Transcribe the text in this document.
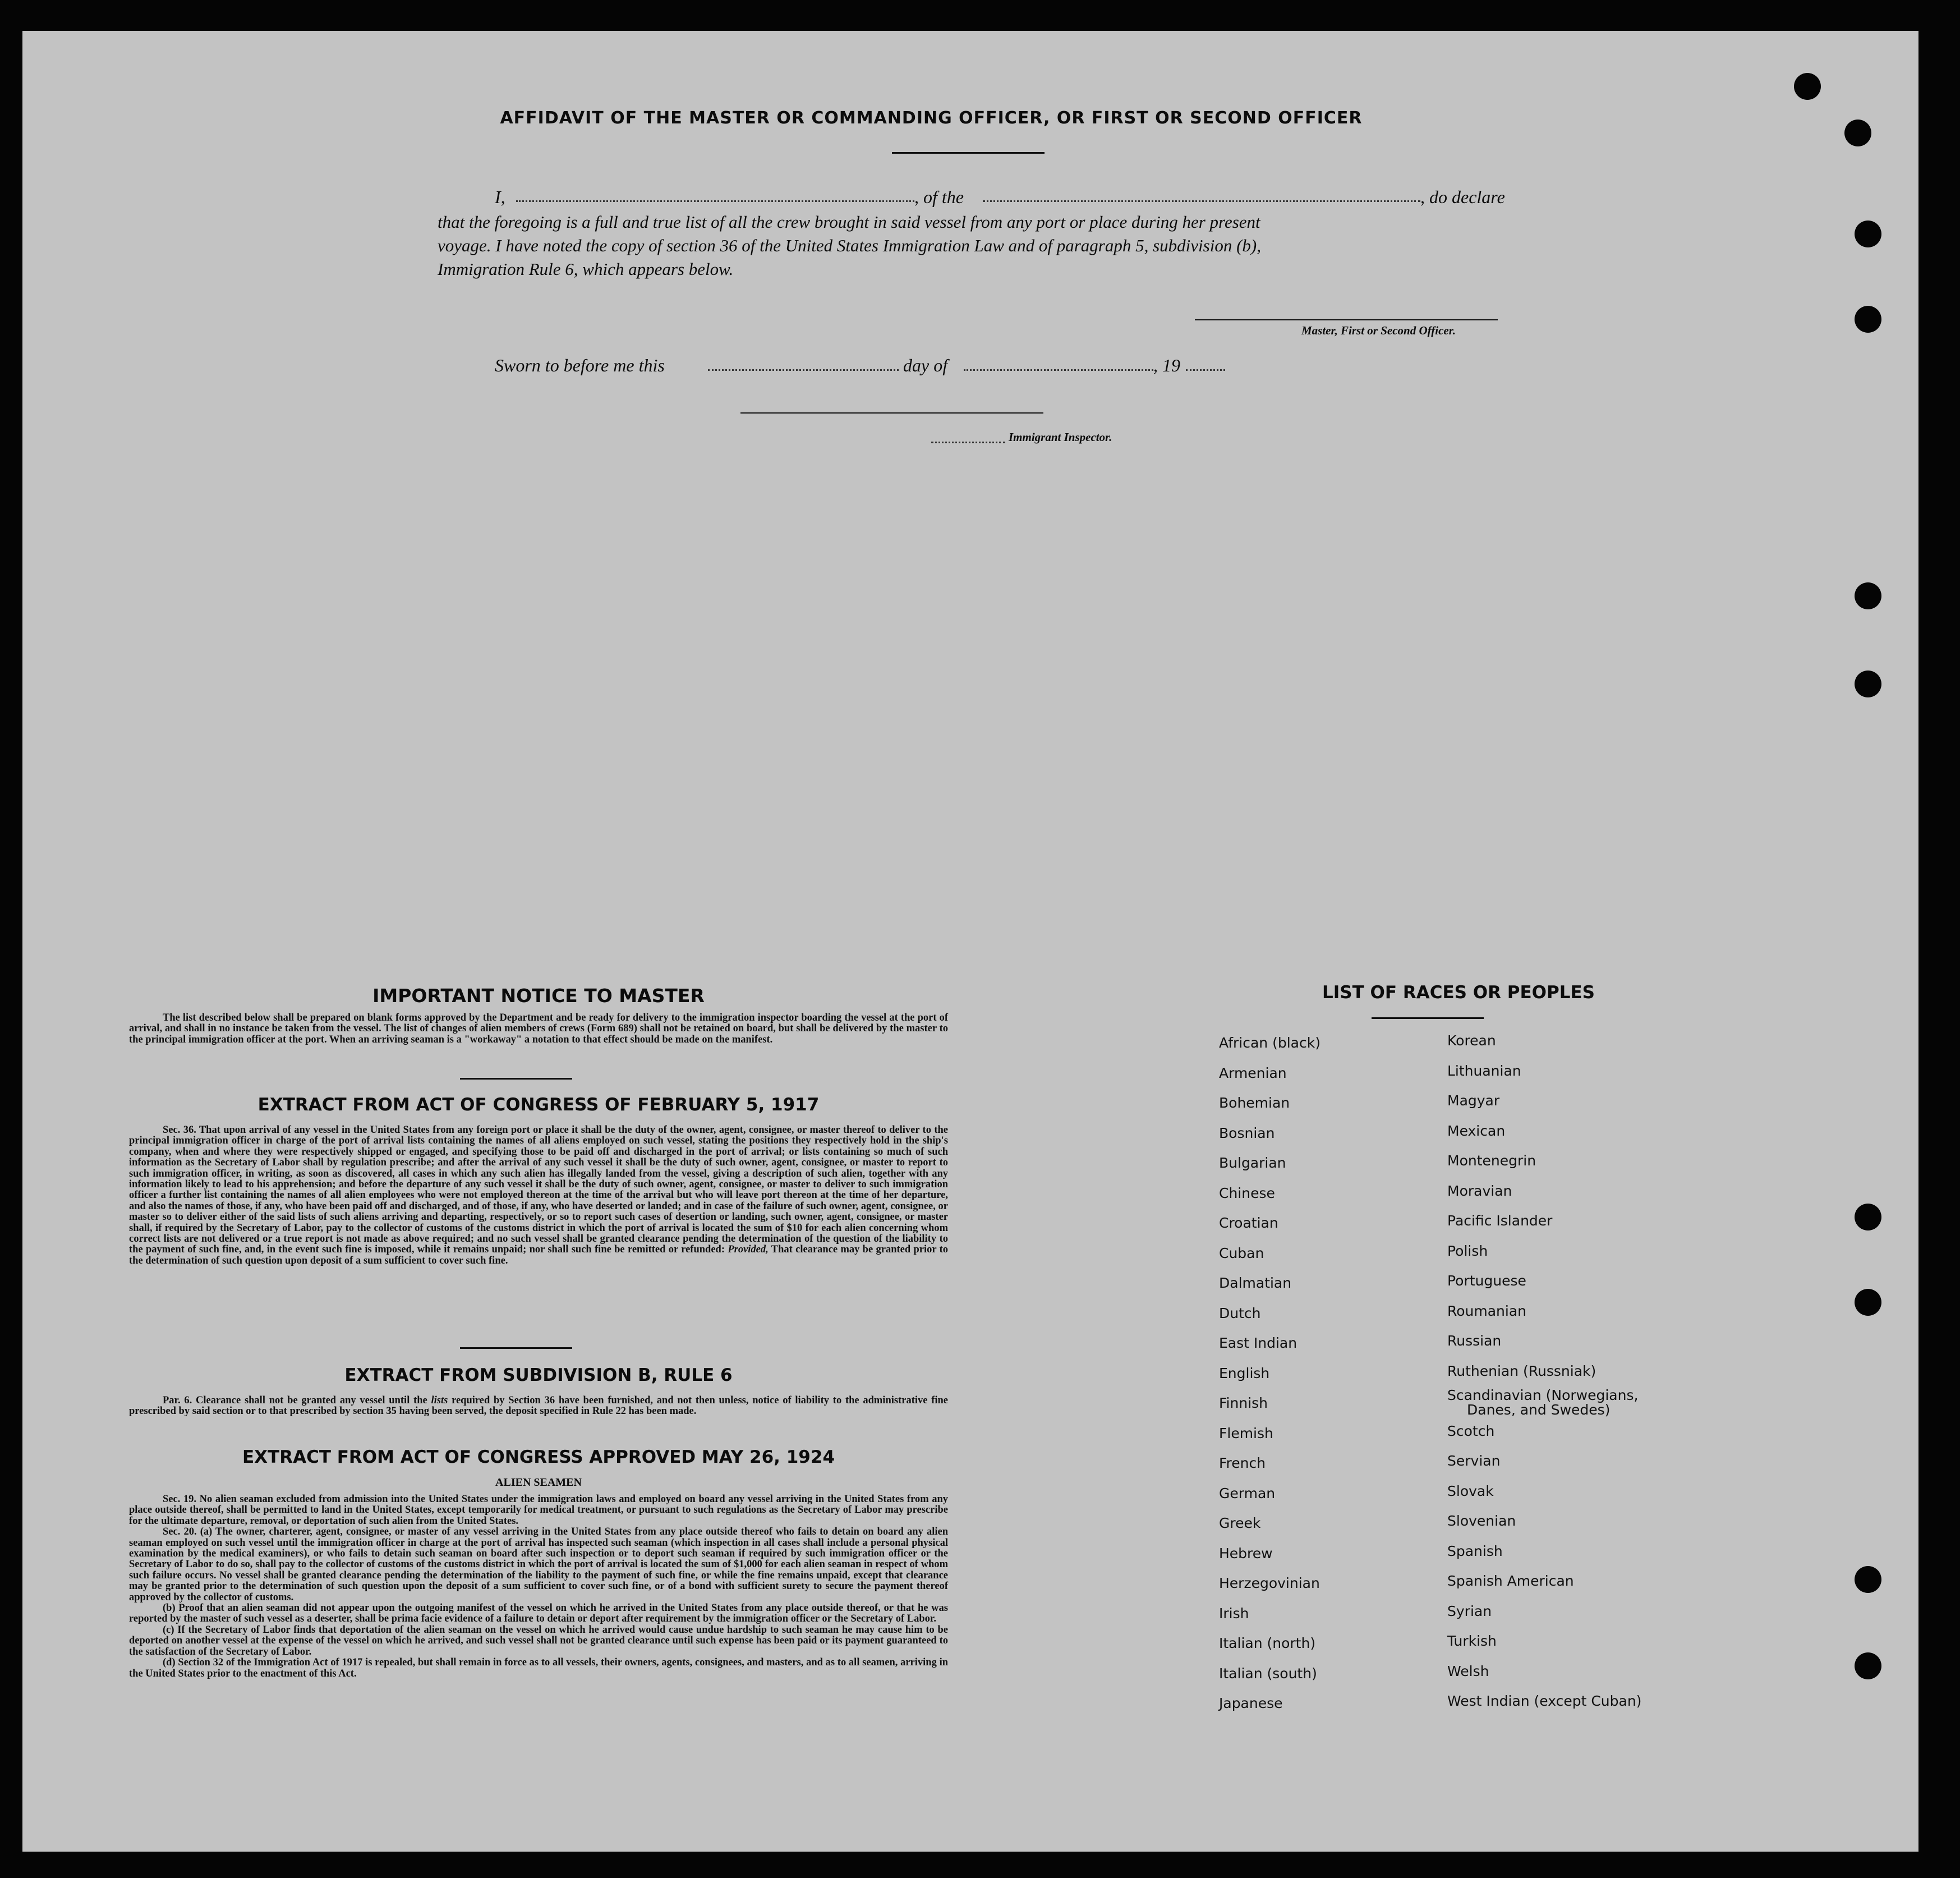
AFFIDAVIT OF THE MASTER OR COMMANDING OFFICER, OR FIRST OR SECOND OFFICER
I,	, of the	, do declare
that the foregoing is a full and true list of all the crew brought in said vessel from any port or place during her present
voyage. I have noted the copy of section 36 of the United States Immigration Law and of paragraph 5, subdivision (b),
Immigration Rule 6, which appears below.
Master, First or Second Officer.
Sworn to before me this	day of	, 19
Immigrant Inspector.
IMPORTANT NOTICE TO MASTER
The list described below shall be prepared on blank forms approved by the Department and be ready for delivery to the immigration inspector boarding the vessel at the port of arrival, and shall in no instance be taken from the vessel. The list of changes of alien members of crews (Form 689) shall not be retained on board, but shall be delivered by the master to the principal immigration officer at the port. When an arriving seaman is a "workaway" a notation to that effect should be made on the manifest.
EXTRACT FROM ACT OF CONGRESS OF FEBRUARY 5, 1917
Sec. 36. That upon arrival of any vessel in the United States from any foreign port or place it shall be the duty of the owner, agent, consignee, or master thereof to deliver to the principal immigration officer in charge of the port of arrival lists containing the names of all aliens employed on such vessel, stating the positions they respectively hold in the ship's company, when and where they were respectively shipped or engaged, and specifying those to be paid off and discharged in the port of arrival; or lists containing so much of such information as the Secretary of Labor shall by regulation prescribe; and after the arrival of any such vessel it shall be the duty of such owner, agent, consignee, or master to report to such immigration officer, in writing, as soon as discovered, all cases in which any such alien has illegally landed from the vessel, giving a description of such alien, together with any information likely to lead to his apprehension; and before the departure of any such vessel it shall be the duty of such owner, agent, consignee, or master to deliver to such immigration officer a further list containing the names of all alien employees who were not employed thereon at the time of the arrival but who will leave port thereon at the time of her departure, and also the names of those, if any, who have been paid off and discharged, and of those, if any, who have deserted or landed; and in case of the failure of such owner, agent, consignee, or master so to deliver either of the said lists of such aliens arriving and departing, respectively, or so to report such cases of desertion or landing, such owner, agent, consignee, or master shall, if required by the Secretary of Labor, pay to the collector of customs of the customs district in which the port of arrival is located the sum of $10 for each alien concerning whom correct lists are not delivered or a true report is not made as above required; and no such vessel shall be granted clearance pending the determination of the question of the liability to the payment of such fine, and, in the event such fine is imposed, while it remains unpaid; nor shall such fine be remitted or refunded: Provided, That clearance may be granted prior to the determination of such question upon deposit of a sum sufficient to cover such fine.
EXTRACT FROM SUBDIVISION B, RULE 6
Par. 6. Clearance shall not be granted any vessel until the lists required by Section 36 have been furnished, and not then unless, notice of liability to the administrative fine prescribed by said section or to that prescribed by section 35 having been served, the deposit specified in Rule 22 has been made.
EXTRACT FROM ACT OF CONGRESS APPROVED MAY 26, 1924
ALIEN SEAMEN
Sec. 19. No alien seaman excluded from admission into the United States under the immigration laws and employed on board any vessel arriving in the United States from any place outside thereof, shall be permitted to land in the United States, except temporarily for medical treatment, or pursuant to such regulations as the Secretary of Labor may prescribe for the ultimate departure, removal, or deportation of such alien from the United States.
Sec. 20. (a) The owner, charterer, agent, consignee, or master of any vessel arriving in the United States from any place outside thereof who fails to detain on board any alien seaman employed on such vessel until the immigration officer in charge at the port of arrival has inspected such seaman (which inspection in all cases shall include a personal physical examination by the medical examiners), or who fails to detain such seaman on board after such inspection or to deport such seaman if required by such immigration officer or the Secretary of Labor to do so, shall pay to the collector of customs of the customs district in which the port of arrival is located the sum of $1,000 for each alien seaman in respect of whom such failure occurs. No vessel shall be granted clearance pending the determination of the liability to the payment of such fine, or while the fine remains unpaid, except that clearance may be granted prior to the determination of such question upon the deposit of a sum sufficient to cover such fine, or of a bond with sufficient surety to secure the payment thereof approved by the collector of customs.
(b) Proof that an alien seaman did not appear upon the outgoing manifest of the vessel on which he arrived in the United States from any place outside thereof, or that he was reported by the master of such vessel as a deserter, shall be prima facie evidence of a failure to detain or deport after requirement by the immigration officer or the Secretary of Labor.
(c) If the Secretary of Labor finds that deportation of the alien seaman on the vessel on which he arrived would cause undue hardship to such seaman he may cause him to be deported on another vessel at the expense of the vessel on which he arrived, and such vessel shall not be granted clearance until such expense has been paid or its payment guaranteed to the satisfaction of the Secretary of Labor.
(d) Section 32 of the Immigration Act of 1917 is repealed, but shall remain in force as to all vessels, their owners, agents, consignees, and masters, and as to all seamen, arriving in the United States prior to the enactment of this Act.
LIST OF RACES OR PEOPLES
African (black)
Armenian
Bohemian
Bosnian
Bulgarian
Chinese
Croatian
Cuban
Dalmatian
Dutch
East Indian
English
Finnish
Flemish
French
German
Greek
Hebrew
Herzegovinian
Irish
Italian (north)
Italian (south)
Japanese
Korean
Lithuanian
Magyar
Mexican
Montenegrin
Moravian
Pacific Islander
Polish
Portuguese
Roumanian
Russian
Ruthenian (Russniak)
Scandinavian (Norwegians,
Danes, and Swedes)
Scotch
Servian
Slovak
Slovenian
Spanish
Spanish American
Syrian
Turkish
Welsh
West Indian (except Cuban)
